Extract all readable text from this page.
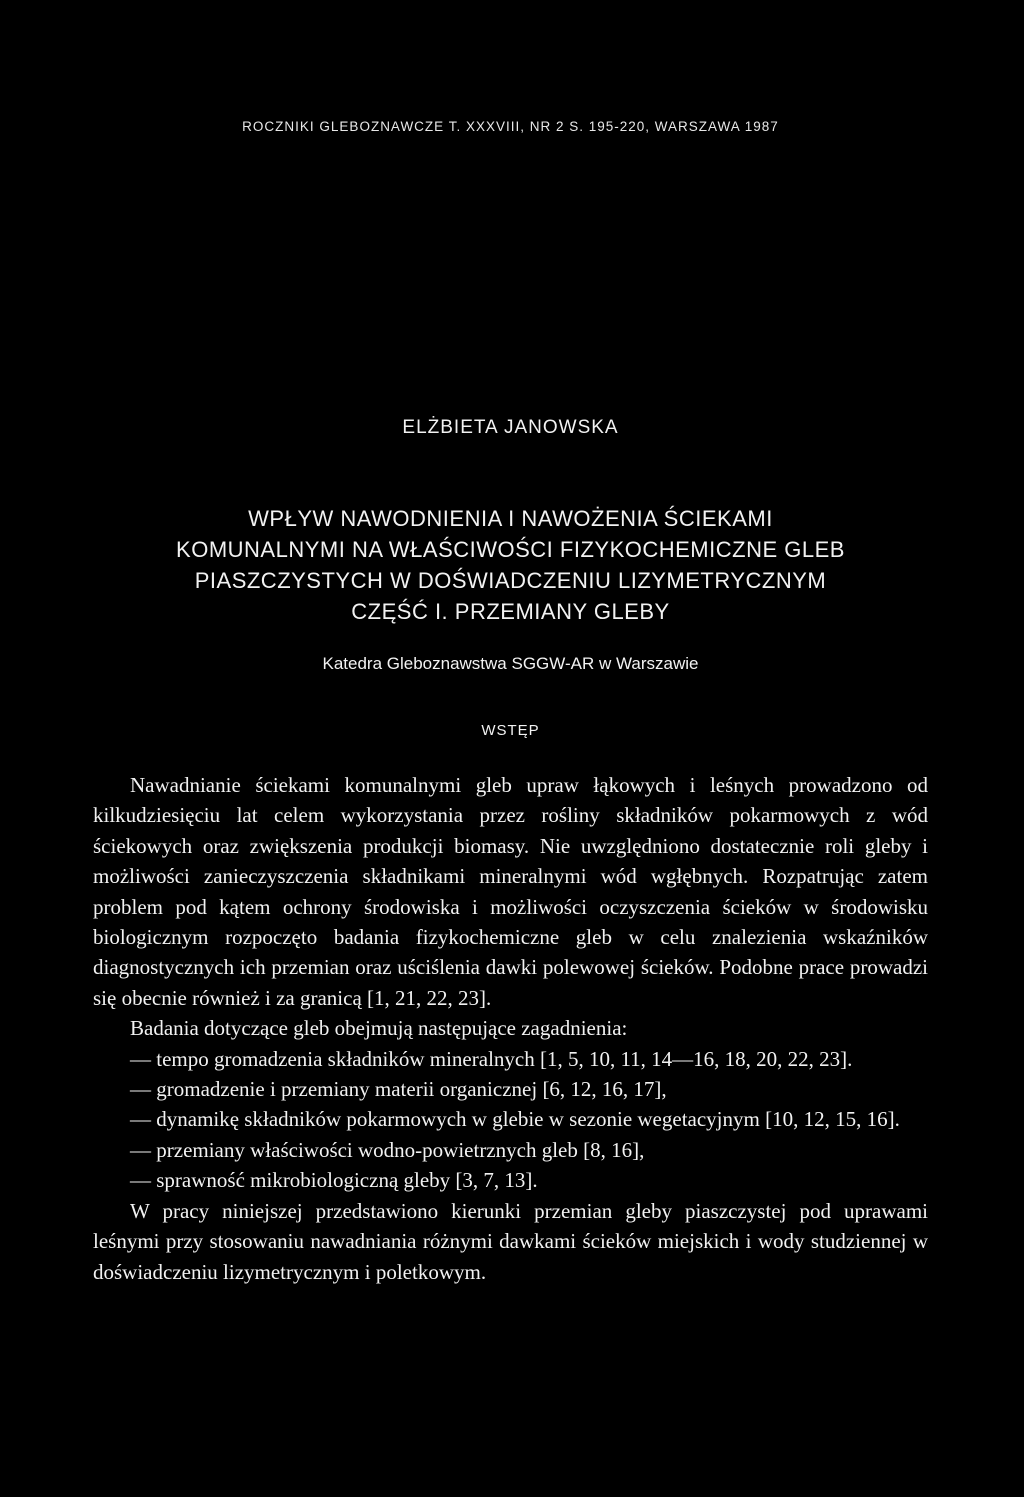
ROCZNIKI GLEBOZNAWCZE T. XXXVIII, NR 2 S. 195-220, WARSZAWA 1987
ELŻBIETA JANOWSKA
WPŁYW NAWODNIENIA I NAWOŻENIA ŚCIEKAMI
KOMUNALNYMI NA WŁAŚCIWOŚCI FIZYKOCHEMICZNE GLEB
PIASZCZYSTYCH W DOŚWIADCZENIU LIZYMETRYCZNYM
CZĘŚĆ I. PRZEMIANY GLEBY
Katedra Gleboznawstwa SGGW-AR w Warszawie
WSTĘP

Nawadnianie ściekami komunalnymi gleb upraw łąkowych i leśnych prowadzono od kilkudziesięciu lat celem wykorzystania przez rośliny składników pokarmowych z wód ściekowych oraz zwiększenia produkcji biomasy. Nie uwzględniono dostatecznie roli gleby i możliwości zanieczyszczenia składnikami mineralnymi wód wgłębnych. Rozpatrując zatem problem pod kątem ochrony środowiska i możliwości oczyszczenia ścieków w środowisku biologicznym rozpoczęto badania fizykochemiczne gleb w celu znalezienia wskaźników diagnostycznych ich przemian oraz uściślenia dawki polewowej ścieków. Podobne prace prowadzi się obecnie również i za granicą [1, 21, 22, 23].

Badania dotyczące gleb obejmują następujące zagadnienia:

— tempo gromadzenia składników mineralnych [1, 5, 10, 11, 14—16, 18, 20, 22, 23].

— gromadzenie i przemiany materii organicznej [6, 12, 16, 17],

— dynamikę składników pokarmowych w glebie w sezonie wegetacyjnym [10, 12, 15, 16].

— przemiany właściwości wodno-powietrznych gleb [8, 16],

— sprawność mikrobiologiczną gleby [3, 7, 13].

W pracy niniejszej przedstawiono kierunki przemian gleby piaszczystej pod uprawami leśnymi przy stosowaniu nawadniania różnymi dawkami ścieków miejskich i wody studziennej w doświadczeniu lizymetrycznym i poletkowym.
